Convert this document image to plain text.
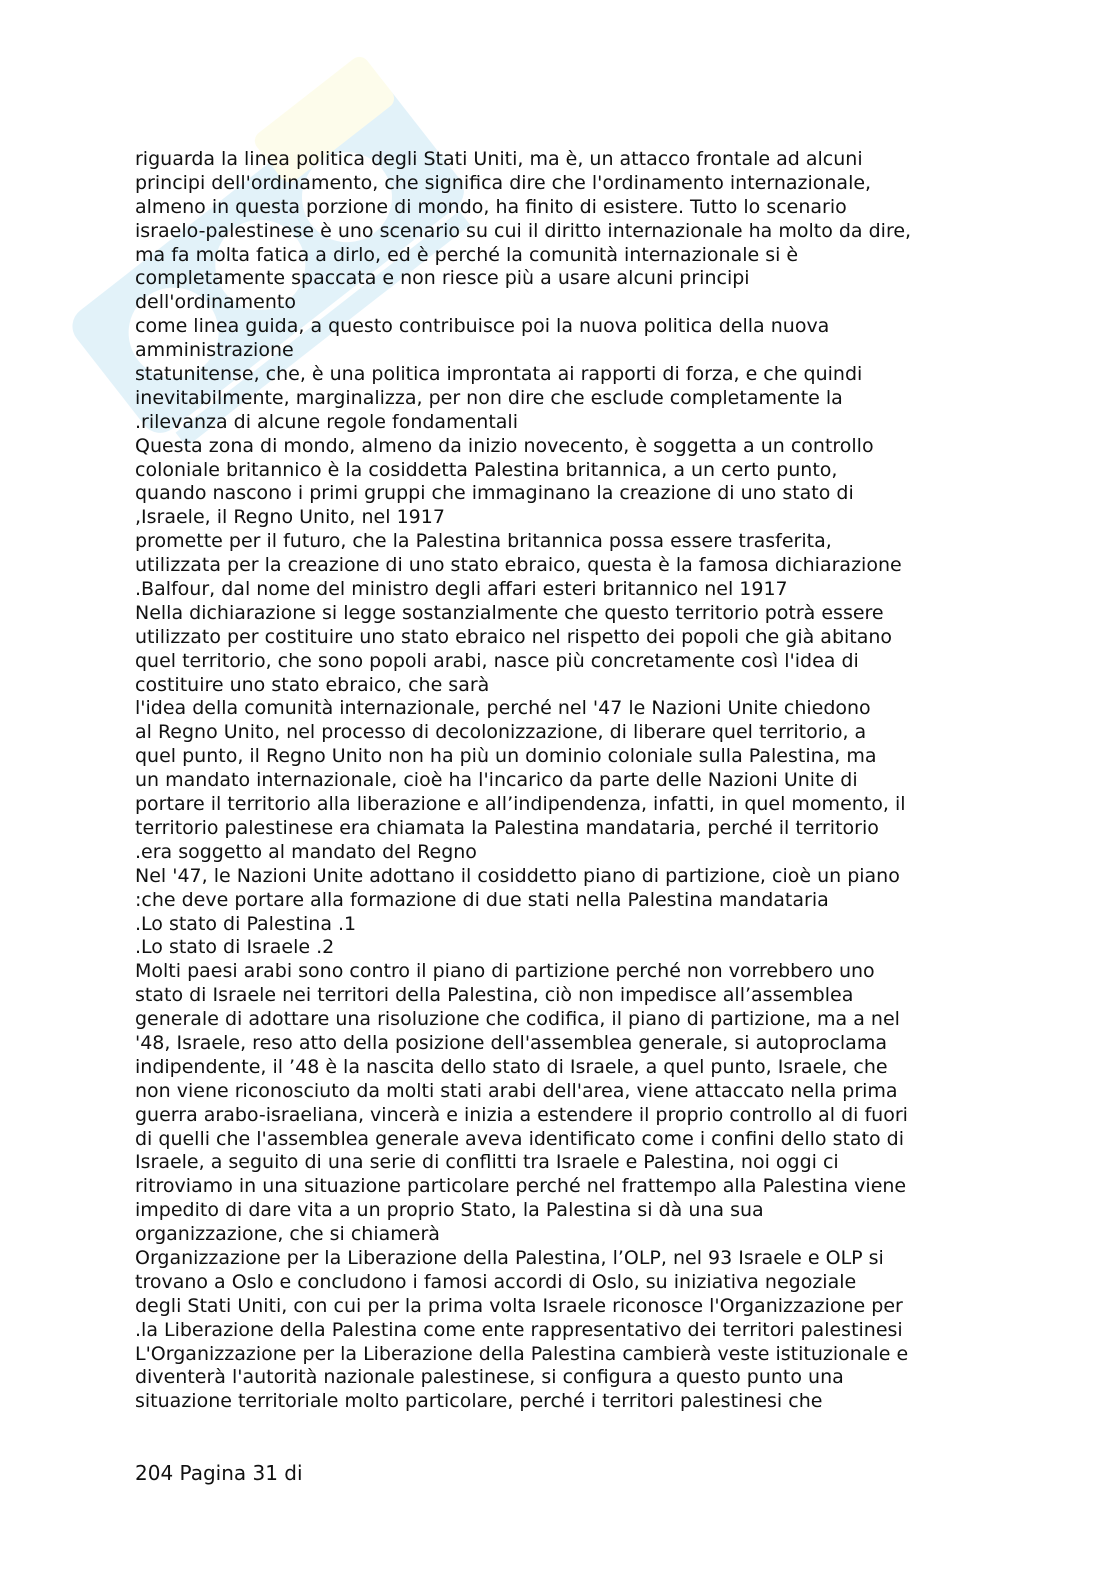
riguarda la linea politica degli Stati Uniti, ma è, un attacco frontale ad alcuni
principi dell'ordinamento, che significa dire che l'ordinamento internazionale,
almeno in questa porzione di mondo, ha finito di esistere. Tutto lo scenario
israelo-palestinese è uno scenario su cui il diritto internazionale ha molto da dire,
ma fa molta fatica a dirlo, ed è perché la comunità internazionale si è
completamente spaccata e non riesce più a usare alcuni principi
dell'ordinamento
come linea guida, a questo contribuisce poi la nuova politica della nuova
amministrazione
statunitense, che, è una politica improntata ai rapporti di forza, e che quindi
inevitabilmente, marginalizza, per non dire che esclude completamente la
.rilevanza di alcune regole fondamentali
Questa zona di mondo, almeno da inizio novecento, è soggetta a un controllo
coloniale britannico è la cosiddetta Palestina britannica, a un certo punto,
quando nascono i primi gruppi che immaginano la creazione di uno stato di
,Israele, il Regno Unito, nel 1917
promette per il futuro, che la Palestina britannica possa essere trasferita,
utilizzata per la creazione di uno stato ebraico, questa è la famosa dichiarazione
.Balfour, dal nome del ministro degli affari esteri britannico nel 1917
Nella dichiarazione si legge sostanzialmente che questo territorio potrà essere
utilizzato per costituire uno stato ebraico nel rispetto dei popoli che già abitano
quel territorio, che sono popoli arabi, nasce più concretamente così l'idea di
costituire uno stato ebraico, che sarà
l'idea della comunità internazionale, perché nel '47 le Nazioni Unite chiedono
al Regno Unito, nel processo di decolonizzazione, di liberare quel territorio, a
quel punto, il Regno Unito non ha più un dominio coloniale sulla Palestina, ma
un mandato internazionale, cioè ha l'incarico da parte delle Nazioni Unite di
portare il territorio alla liberazione e all’indipendenza, infatti, in quel momento, il
territorio palestinese era chiamata la Palestina mandataria, perché il territorio
.era soggetto al mandato del Regno
Nel '47, le Nazioni Unite adottano il cosiddetto piano di partizione, cioè un piano
:che deve portare alla formazione di due stati nella Palestina mandataria
.Lo stato di Palestina .1
.Lo stato di Israele .2
Molti paesi arabi sono contro il piano di partizione perché non vorrebbero uno
stato di Israele nei territori della Palestina, ciò non impedisce all’assemblea
generale di adottare una risoluzione che codifica, il piano di partizione, ma a nel
'48, Israele, reso atto della posizione dell'assemblea generale, si autoproclama
indipendente, il ’48 è la nascita dello stato di Israele, a quel punto, Israele, che
non viene riconosciuto da molti stati arabi dell'area, viene attaccato nella prima
guerra arabo-israeliana, vincerà e inizia a estendere il proprio controllo al di fuori
di quelli che l'assemblea generale aveva identificato come i confini dello stato di
Israele, a seguito di una serie di conflitti tra Israele e Palestina, noi oggi ci
ritroviamo in una situazione particolare perché nel frattempo alla Palestina viene
impedito di dare vita a un proprio Stato, la Palestina si dà una sua
organizzazione, che si chiamerà
Organizzazione per la Liberazione della Palestina, l’OLP, nel 93 Israele e OLP si
trovano a Oslo e concludono i famosi accordi di Oslo, su iniziativa negoziale
degli Stati Uniti, con cui per la prima volta Israele riconosce l'Organizzazione per
.la Liberazione della Palestina come ente rappresentativo dei territori palestinesi
L'Organizzazione per la Liberazione della Palestina cambierà veste istituzionale e
diventerà l'autorità nazionale palestinese, si configura a questo punto una
situazione territoriale molto particolare, perché i territori palestinesi che
204 Pagina 31 di
